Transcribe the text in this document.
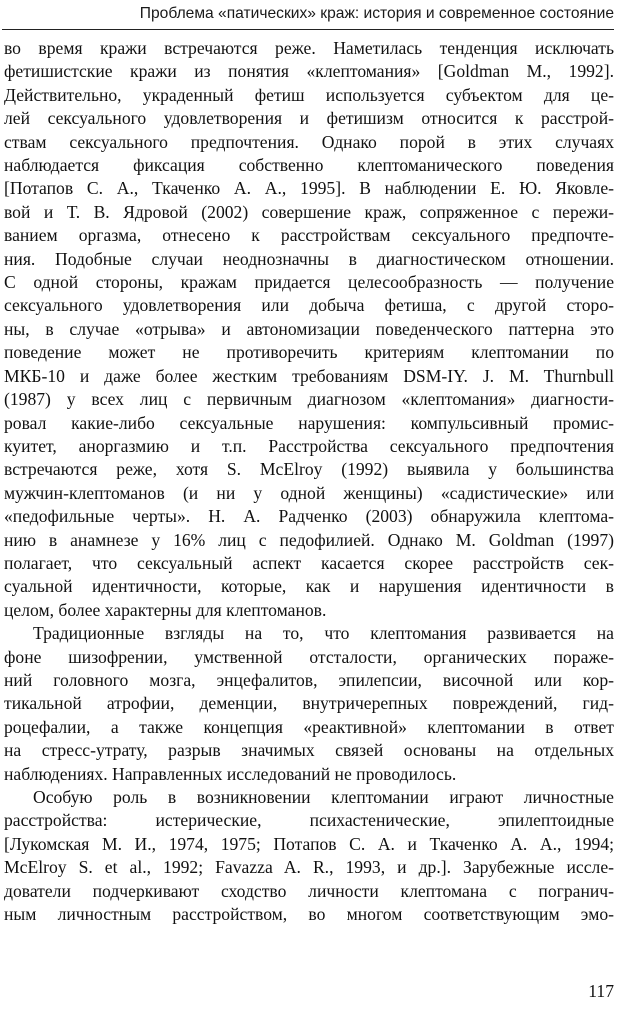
Проблема «патических» краж: история и современное состояние

во время кражи встречаются реже. Наметилась тенденция исключать

фетишистские кражи из понятия «клептомания» [Goldman M., 1992].

Действительно, украденный фетиш используется субъектом для це-

лей сексуального удовлетворения и фетишизм относится к расстрой-

ствам сексуального предпочтения. Однако порой в этих случаях

наблюдается фиксация собственно клептоманического поведения

[Потапов С. А., Ткаченко А. А., 1995]. В наблюдении Е. Ю. Яковле-

вой и Т. В. Ядровой (2002) совершение краж, сопряженное с пережи-

ванием оргазма, отнесено к расстройствам сексуального предпочте-

ния. Подобные случаи неоднозначны в диагностическом отношении.

С одной стороны, кражам придается целесообразность — получение

сексуального удовлетворения или добыча фетиша, с другой сторо-

ны, в случае «отрыва» и автономизации поведенческого паттерна это

поведение может не противоречить критериям клептомании по

МКБ-10 и даже более жестким требованиям DSM-IY. J. M. Thurnbull

(1987) у всех лиц с первичным диагнозом «клептомания» диагности-

ровал какие-либо сексуальные нарушения: компульсивный промис-

куитет, аноргазмию и т.п. Расстройства сексуального предпочтения

встречаются реже, хотя S. McElroy (1992) выявила у большинства

мужчин-клептоманов (и ни у одной женщины) «садистические» или

«педофильные черты». Н. А. Радченко (2003) обнаружила клептома-

нию в анамнезе у 16% лиц с педофилией. Однако M. Goldman (1997)

полагает, что сексуальный аспект касается скорее расстройств сек-

суальной идентичности, которые, как и нарушения идентичности в

целом, более характерны для клептоманов.

Традиционные взгляды на то, что клептомания развивается на

фоне шизофрении, умственной отсталости, органических пораже-

ний головного мозга, энцефалитов, эпилепсии, височной или кор-

тикальной атрофии, деменции, внутричерепных повреждений, гид-

роцефалии, а также концепция «реактивной» клептомании в ответ

на стресс-утрату, разрыв значимых связей основаны на отдельных

наблюдениях. Направленных исследований не проводилось.

Особую роль в возникновении клептомании играют личностные

расстройства: истерические, психастенические, эпилептоидные

[Лукомская М. И., 1974, 1975; Потапов С. А. и Ткаченко А. А., 1994;

McElroy S. et al., 1992; Favazza A. R., 1993, и др.]. Зарубежные иссле-

дователи подчеркивают сходство личности клептомана с погранич-

ным личностным расстройством, во многом соответствующим эмо-

117
